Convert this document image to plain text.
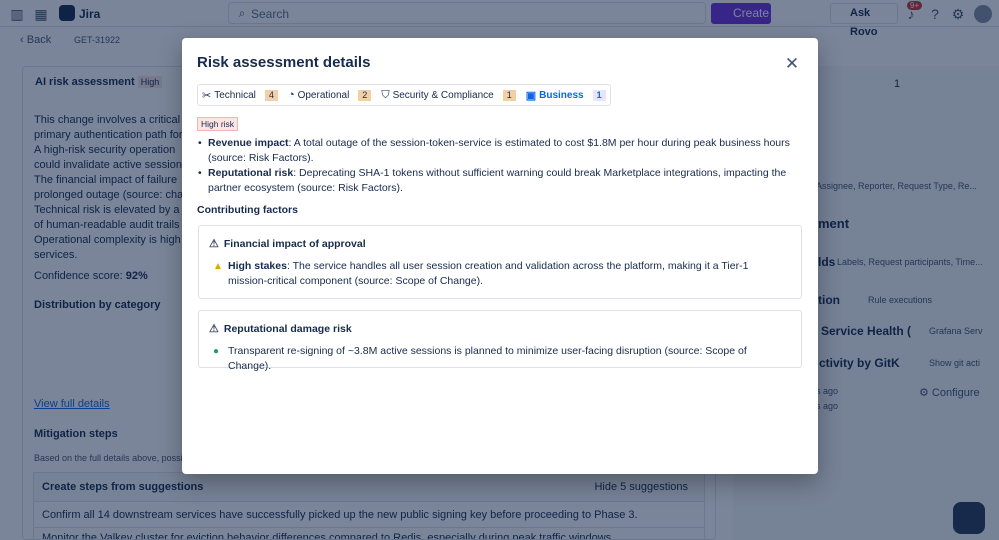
Risk assessment details	✕
✂ Technical	4	◔ Operational	2	⛉ Security & Compliance	1	▣ Business	1
High risk
• Revenue impact: A total outage of the session-token-service is estimated to cost $1.8M per hour during peak business hours (source: Risk Factors).
• Reputational risk: Deprecating SHA-1 tokens without sufficient warning could break Marketplace integrations, impacting the partner ecosystem (source: Risk Factors).
Contributing factors
⚠ Financial impact of approval
▲ High stakes: The service handles all user session creation and validation across the platform, making it a Tier-1 mission-critical component (source: Scope of Change).
⚠ Reputational damage risk
● Transparent re-signing of ~3.8M active sessions is planned to minimize user-facing disruption (source: Scope of Change).
